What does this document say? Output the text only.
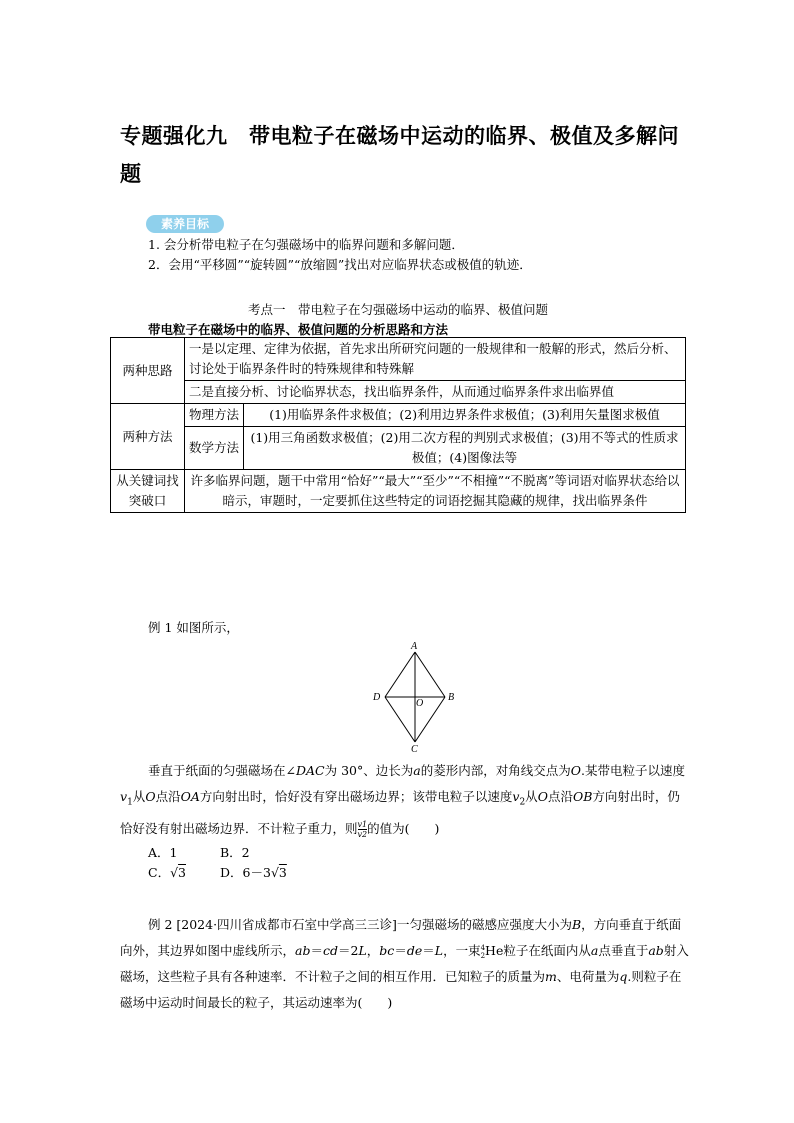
专题强化九　带电粒子在磁场中运动的临界、极值及多解问题
素养目标
1. 会分析带电粒子在匀强磁场中的临界问题和多解问题．
2．会用“平移圆”“旋转圆”“放缩圆”找出对应临界状态或极值的轨迹．
考点一　带电粒子在匀强磁场中运动的临界、极值问题
带电粒子在磁场中的临界、极值问题的分析思路和方法
两种思路	一是以定理、定律为依据，首先求出所研究问题的一般规律和一般解的形式，然后分析、讨论处于临界条件时的特殊规律和特殊解	
	二是直接分析、讨论临界状态，找出临界条件，从而通过临界条件求出临界值	
两种方法	物理方法	(1)用临界条件求极值；(2)利用边界条件求极值；(3)利用矢量图求极值
	数学方法	(1)用三角函数求极值；(2)用二次方程的判别式求极值；(3)用不等式的性质求极值；(4)图像法等
从关键词找突破口	许多临界问题，题干中常用“恰好”“最大”“至少”“不相撞”“不脱离”等词语对临界状态给以暗示，审题时，一定要抓住这些特定的词语挖掘其隐藏的规律，找出临界条件	
例 1 如图所示，
A
B
C
D
O
垂直于纸面的匀强磁场在∠DAC为 30°、边长为a的菱形内部，对角线交点为O.某带电粒子以速度$v_1$从O点沿OA方向射出时，恰好没有穿出磁场边界；该带电粒子以速度$v_2$从O点沿OB方向射出时，仍恰好没有射出磁场边界．不计粒子重力，则 $\frac{v1}{v2}$ 的值为(　　)
A．1	B．2
C．√3	D．6－3√3
例 2 [2024·四川省成都市石室中学高三三诊]一匀强磁场的磁感应强度大小为B，方向垂直于纸面向外，其边界如图中虚线所示，ab＝cd＝2L，bc＝de＝L，一束 4
2 He粒子在纸面内从a点垂直于ab射入磁场，这些粒子具有各种速率．不计粒子之间的相互作用．已知粒子的质量为m、电荷量为q.则粒子在磁场中运动时间最长的粒子，其运动速率为(　　)
